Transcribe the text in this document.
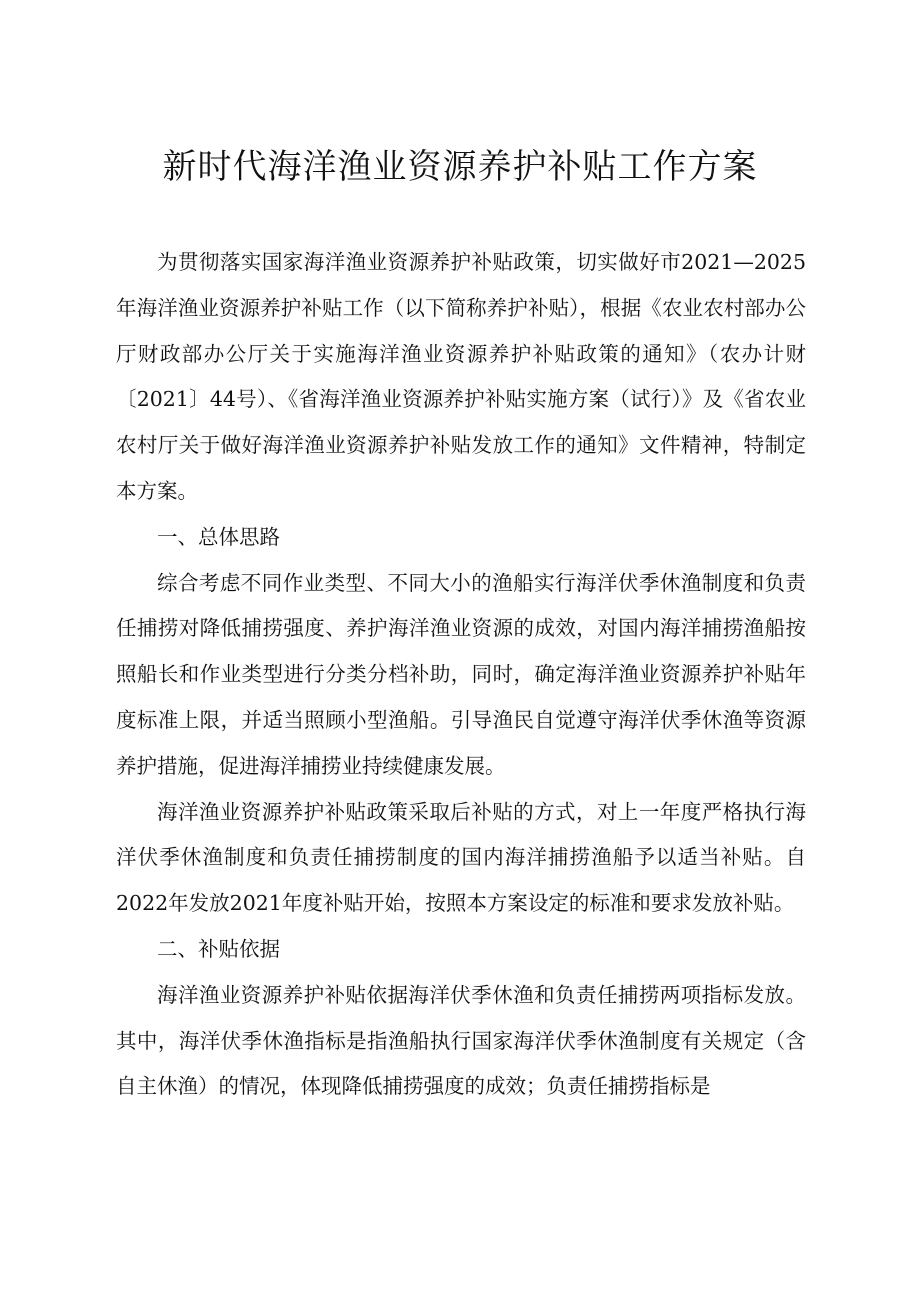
新时代海洋渔业资源养护补贴工作方案

为贯彻落实国家海洋渔业资源养护补贴政策，切实做好市2021—2025年海洋渔业资源养护补贴工作（以下简称养护补贴），根据《农业农村部办公厅财政部办公厅关于实施海洋渔业资源养护补贴政策的通知》（农办计财〔2021〕44号）、《省海洋渔业资源养护补贴实施方案（试行）》及《省农业农村厅关于做好海洋渔业资源养护补贴发放工作的通知》文件精神，特制定本方案。

一、总体思路

综合考虑不同作业类型、不同大小的渔船实行海洋伏季休渔制度和负责任捕捞对降低捕捞强度、养护海洋渔业资源的成效，对国内海洋捕捞渔船按照船长和作业类型进行分类分档补助，同时，确定海洋渔业资源养护补贴年度标准上限，并适当照顾小型渔船。引导渔民自觉遵守海洋伏季休渔等资源养护措施，促进海洋捕捞业持续健康发展。

海洋渔业资源养护补贴政策采取后补贴的方式，对上一年度严格执行海洋伏季休渔制度和负责任捕捞制度的国内海洋捕捞渔船予以适当补贴。自2022年发放2021年度补贴开始，按照本方案设定的标准和要求发放补贴。

二、补贴依据

海洋渔业资源养护补贴依据海洋伏季休渔和负责任捕捞两项指标发放。其中，海洋伏季休渔指标是指渔船执行国家海洋伏季休渔制度有关规定（含自主休渔）的情况，体现降低捕捞强度的成效；负责任捕捞指标是
